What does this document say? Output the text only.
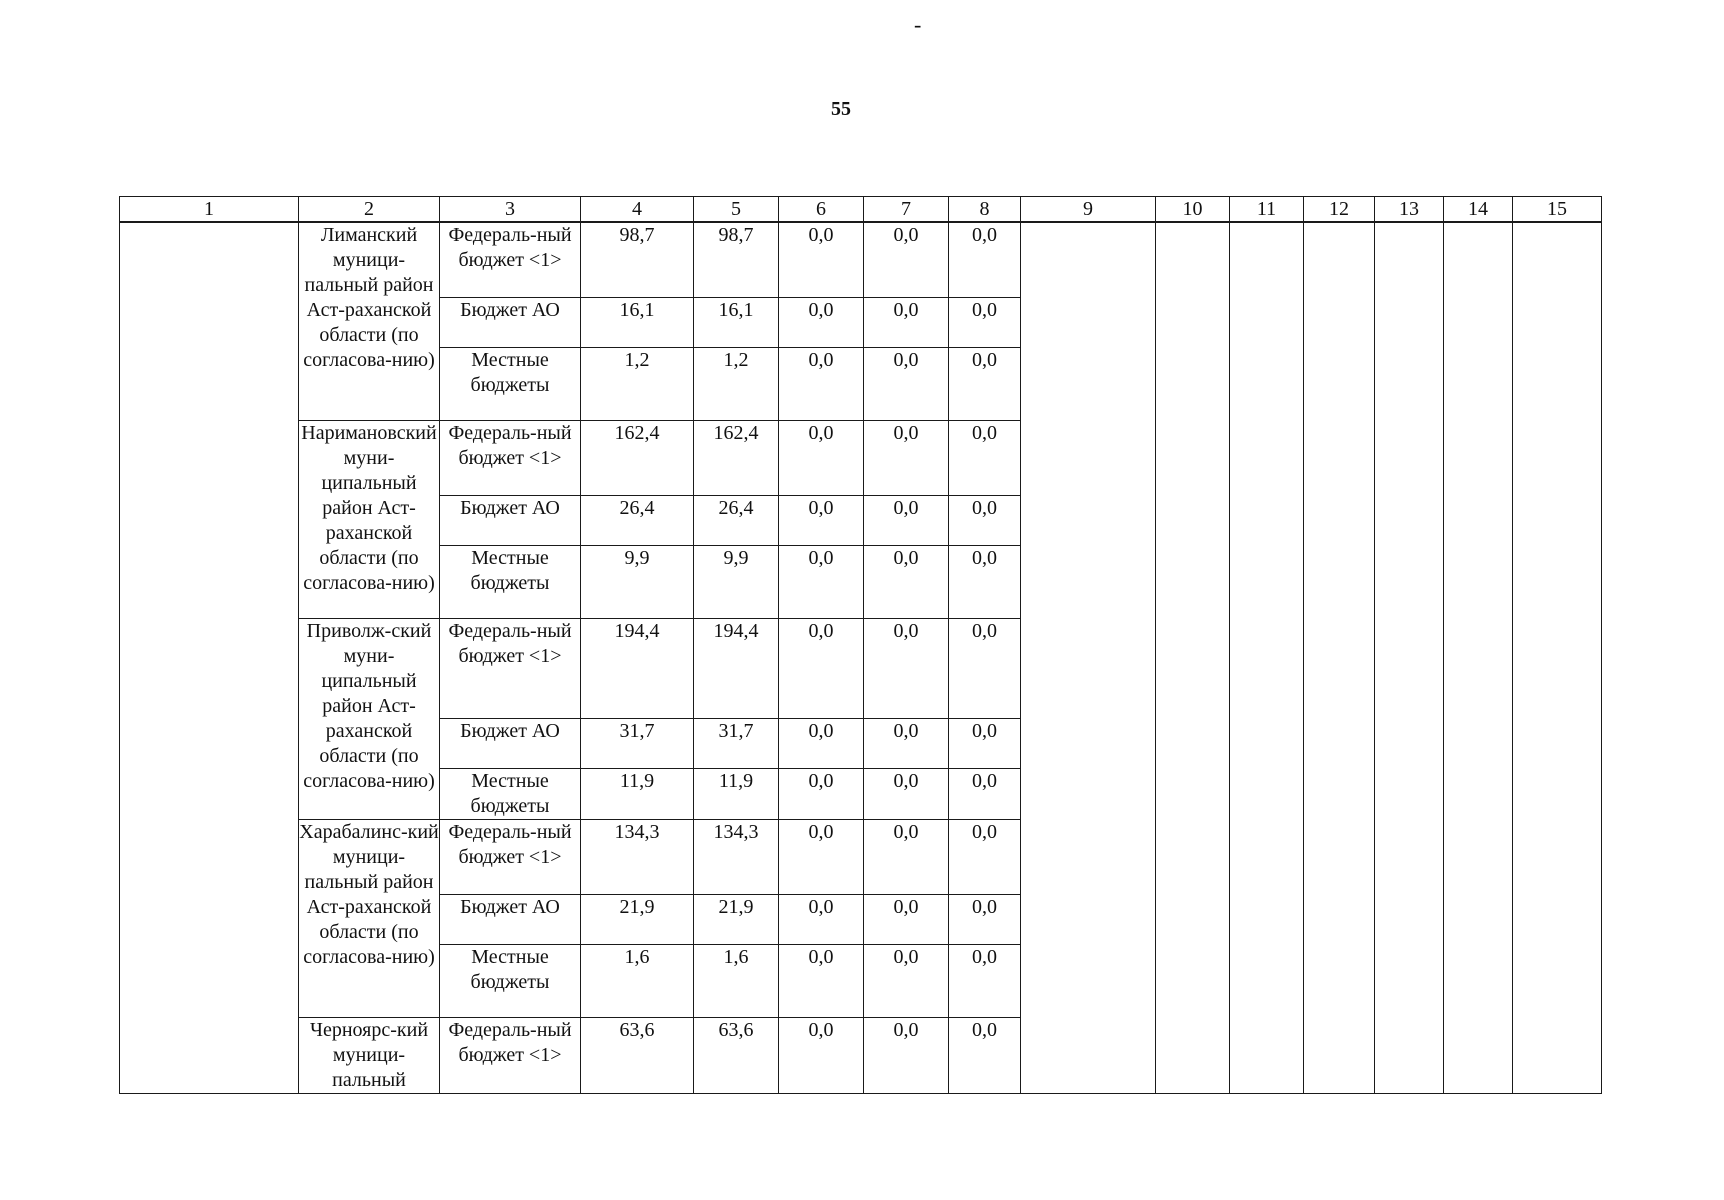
-
55
1	2	3	4	5	6	7	8	9	10	11	12	13	14	15
	Лиманский муници-пальный район Аст-раханской области (по согласова-нию)	Федераль-ный бюджет <1>	98,7	98,7	0,0	0,0	0,0							
		Бюджет АО	16,1	16,1	0,0	0,0	0,0							
		Местные бюджеты	1,2	1,2	0,0	0,0	0,0							
	Наримановский муни-ципальный район Аст-раханской области (по согласова-нию)	Федераль-ный бюджет <1>	162,4	162,4	0,0	0,0	0,0							
		Бюджет АО	26,4	26,4	0,0	0,0	0,0							
		Местные бюджеты	9,9	9,9	0,0	0,0	0,0							
	Приволж-ский муни-ципальный район Аст-раханской области (по согласова-нию)	Федераль-ный бюджет <1>	194,4	194,4	0,0	0,0	0,0							
		Бюджет АО	31,7	31,7	0,0	0,0	0,0							
		Местные бюджеты	11,9	11,9	0,0	0,0	0,0							
	Харабалинс-кий муници-пальный район Аст-раханской области (по согласова-нию)	Федераль-ный бюджет <1>	134,3	134,3	0,0	0,0	0,0							
		Бюджет АО	21,9	21,9	0,0	0,0	0,0							
		Местные бюджеты	1,6	1,6	0,0	0,0	0,0							
	Черноярс-кий муници-пальный	Федераль-ный бюджет <1>	63,6	63,6	0,0	0,0	0,0							
